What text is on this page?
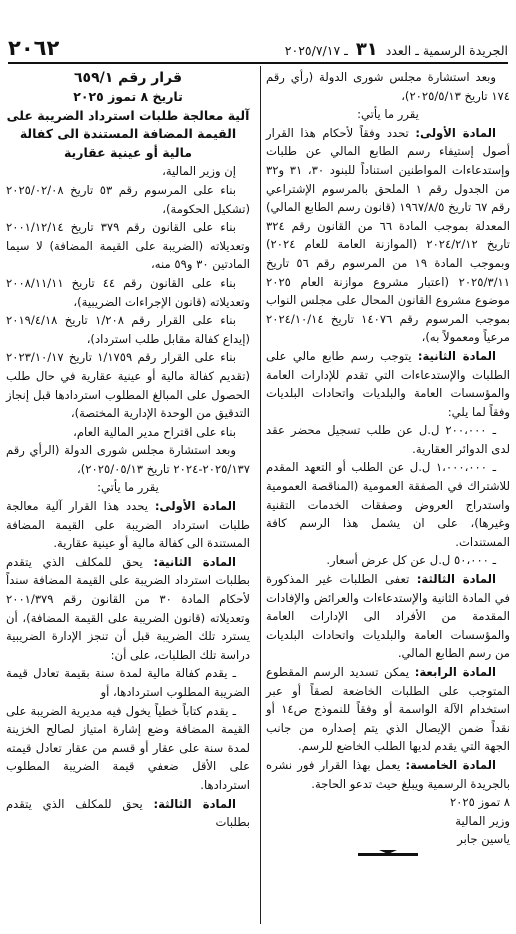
٢٠٦٢	الجريدة الرسمية ـ العدد ٣١ ـ ٢٠٢٥/٧/١٧

وبعد استشارة مجلس شورى الدولة (رأي رقم ١٧٤ تاريخ ٢٠٢٥/٥/١٣)،

يقرر ما يأتي:

المادة الأولى: تحدد وفقاً لأحكام هذا القرار أصول إستيفاء رسم الطابع المالي عن طلبات وإستدعاءات المواطنين استناداً للبنود ٣٠، ٣١ و٣٢ من الجدول رقم ١ الملحق بالمرسوم الإشتراعي رقم ٦٧ تاريخ ١٩٦٧/٨/٥ (قانون رسم الطابع المالي) المعدلة بموجب المادة ٦٦ من القانون رقم ٣٢٤ تاريخ ٢٠٢٤/٢/١٢ (الموازنة العامة للعام ٢٠٢٤) وبموجب المادة ١٩ من المرسوم رقم ٥٦ تاريخ ٢٠٢٥/٣/١١ (اعتبار مشروع موازنة العام ٢٠٢٥ موضوع مشروع القانون المحال على مجلس النواب بموجب المرسوم رقم ١٤٠٧٦ تاريخ ٢٠٢٤/١٠/١٤ مرعياً ومعمولاً به)،

المادة الثانية: يتوجب رسم طابع مالي على الطلبات والإستدعاءات التي تقدم للإدارات العامة والمؤسسات العامة والبلديات واتحادات البلديات وفقاً لما يلي:

ـ ٢٠٠،٠٠٠ ل.ل عن طلب تسجيل محضر عقد لدى الدوائر العقارية.

ـ ١،٠٠٠،٠٠٠ ل.ل عن الطلب أو التعهد المقدم للاشتراك في الصفقة العمومية (المناقصة العمومية واستدراج العروض وصفقات الخدمات التقنية وغيرها)، على ان يشمل هذا الرسم كافة المستندات.

ـ ٥٠،٠٠٠ ل.ل عن كل عرض أسعار.

المادة الثالثة: تعفى الطلبات غير المذكورة في المادة الثانية والإستدعاءات والعرائض والإفادات المقدمة من الأفراد الى الإدارات العامة والمؤسسات العامة والبلديات واتحادات البلديات من رسم الطابع المالي.

المادة الرابعة: يمكن تسديد الرسم المقطوع المتوجب على الطلبات الخاضعة لصقاً أو عبر استخدام الآلة الواسمة أو وفقاً للنموذج ص١٤ أو نقداً ضمن الإيصال الذي يتم إصداره من جانب الجهة التي يقدم لديها الطلب الخاضع للرسم.

المادة الخامسة: يعمل بهذا القرار فور نشره بالجريدة الرسمية ويبلغ حيث تدعو الحاجة.

٨ تموز ٢٠٢٥

وزير المالية

ياسين جابر

قرار رقم ٦٥٩/١

تاريخ ٨ تموز ٢٠٢٥

آلية معالجة طلبات استرداد الضريبة على القيمة المضافة المستندة الى كفالة مالية أو عينية عقارية

إن وزير المالية،

بناء على المرسوم رقم ٥٣ تاريخ ٢٠٢٥/٠٢/٠٨ (تشكيل الحكومة)،

بناء على القانون رقم ٣٧٩ تاريخ ٢٠٠١/١٢/١٤ وتعديلاته (الضريبة على القيمة المضافة) لا سيما المادتين ٣٠ و٥٩ منه،

بناء على القانون رقم ٤٤ تاريخ ٢٠٠٨/١١/١١ وتعديلاته (قانون الإجراءات الضريبية)،

بناء على القرار رقم ١/٢٠٨ تاريخ ٢٠١٩/٤/١٨ (إيداع كفالة مقابل طلب استرداد)،

بناء على القرار رقم ١/١٧٥٩ تاريخ ٢٠٢٣/١٠/١٧ (تقديم كفالة مالية أو عينية عقارية في حال طلب الحصول على المبالغ المطلوب استردادها قبل إنجاز التدقيق من الوحدة الإدارية المختصة)،

بناء على اقتراح مدير المالية العام،

وبعد استشارة مجلس شورى الدولة (الرأي رقم ٢٠٢٥/١٣٧-٢٠٢٤ تاريخ ٢٠٢٥/٠٥/١٣)،

يقرر ما يأتي:

المادة الأولى: يحدد هذا القرار آلية معالجة طلبات استرداد الضريبة على القيمة المضافة المستندة الى كفالة مالية أو عينية عقارية.

المادة الثانية: يحق للمكلف الذي يتقدم بطلبات استرداد الضريبة على القيمة المضافة سنداً لأحكام المادة ٣٠ من القانون رقم ٢٠٠١/٣٧٩ وتعديلاته (قانون الضريبة على القيمة المضافة)، أن يسترد تلك الضريبة قبل أن تنجز الإدارة الضريبية دراسة تلك الطلبات، على أن:

ـ يقدم كفالة مالية لمدة سنة بقيمة تعادل قيمة الضريبة المطلوب استردادها، أو

ـ يقدم كتاباً خطياً يخول فيه مديرية الضريبة على القيمة المضافة وضع إشارة امتياز لصالح الخزينة لمدة سنة على عقار أو قسم من عقار تعادل قيمته على الأقل ضعفي قيمة الضريبة المطلوب استردادها.

المادة الثالثة: يحق للمكلف الذي يتقدم بطلبات
